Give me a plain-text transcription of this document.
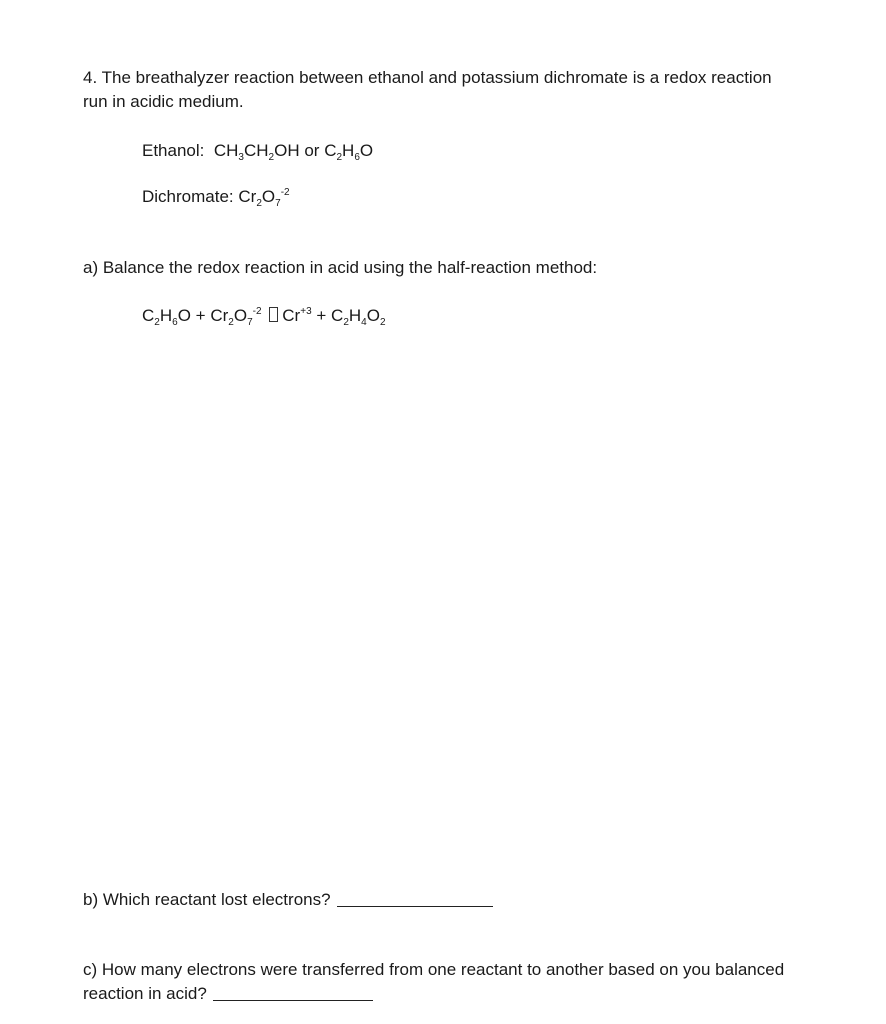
4. The breathalyzer reaction between ethanol and potassium dichromate is a redox reaction
run in acidic medium.
Ethanol: $CH_3CH_2OH$ or $C_2H_6O$
Dichromate: $Cr_2O_7^{-2}$
a) Balance the redox reaction in acid using the half-reaction method:
$C_2H_6O + Cr_2O_7^{-2}$ $Cr^{+3} + C_2H_4O_2$
b) Which reactant lost electrons?
c) How many electrons were transferred from one reactant to another based on you balanced
reaction in acid?
